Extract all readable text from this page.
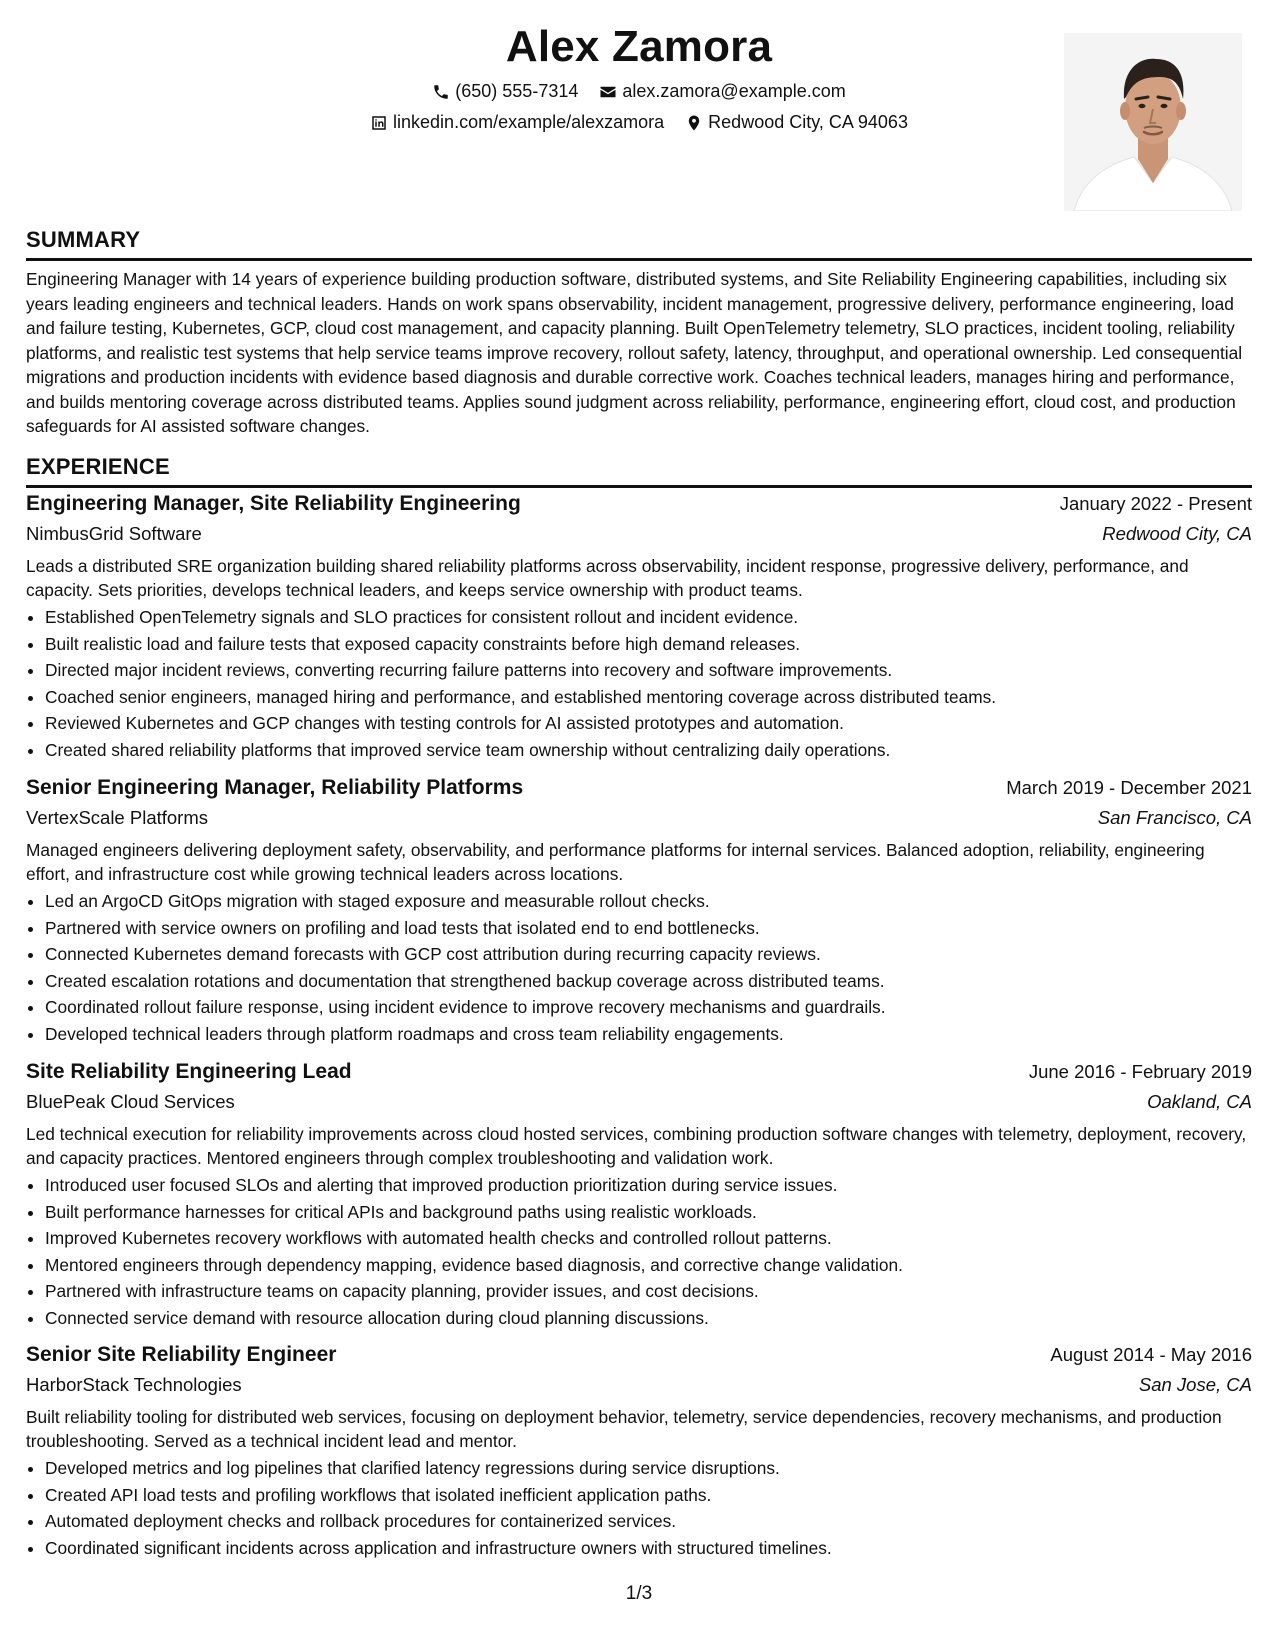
Alex Zamora
(650) 555-7314
alex.zamora@example.com
linkedin.com/example/alexzamora
Redwood City, CA 94063
SUMMARY

Engineering Manager with 14 years of experience building production software, distributed systems, and Site Reliability Engineering capabilities, including six years leading engineers and technical leaders. Hands on work spans observability, incident management, progressive delivery, performance engineering, load and failure testing, Kubernetes, GCP, cloud cost management, and capacity planning. Built OpenTelemetry telemetry, SLO practices, incident tooling, reliability platforms, and realistic test systems that help service teams improve recovery, rollout safety, latency, throughput, and operational ownership. Led consequential migrations and production incidents with evidence based diagnosis and durable corrective work. Coaches technical leaders, manages hiring and performance, and builds mentoring coverage across distributed teams. Applies sound judgment across reliability, performance, engineering effort, cloud cost, and production safeguards for AI assisted software changes.

EXPERIENCE
Engineering Manager, Site Reliability Engineering	January 2022 - Present
NimbusGrid Software	Redwood City, CA

Leads a distributed SRE organization building shared reliability platforms across observability, incident response, progressive delivery, performance, and capacity. Sets priorities, develops technical leaders, and keeps service ownership with product teams.

• Established OpenTelemetry signals and SLO practices for consistent rollout and incident evidence.
• Built realistic load and failure tests that exposed capacity constraints before high demand releases.
• Directed major incident reviews, converting recurring failure patterns into recovery and software improvements.
• Coached senior engineers, managed hiring and performance, and established mentoring coverage across distributed teams.
• Reviewed Kubernetes and GCP changes with testing controls for AI assisted prototypes and automation.
• Created shared reliability platforms that improved service team ownership without centralizing daily operations.
Senior Engineering Manager, Reliability Platforms	March 2019 - December 2021
VertexScale Platforms	San Francisco, CA

Managed engineers delivering deployment safety, observability, and performance platforms for internal services. Balanced adoption, reliability, engineering effort, and infrastructure cost while growing technical leaders across locations.

• Led an ArgoCD GitOps migration with staged exposure and measurable rollout checks.
• Partnered with service owners on profiling and load tests that isolated end to end bottlenecks.
• Connected Kubernetes demand forecasts with GCP cost attribution during recurring capacity reviews.
• Created escalation rotations and documentation that strengthened backup coverage across distributed teams.
• Coordinated rollout failure response, using incident evidence to improve recovery mechanisms and guardrails.
• Developed technical leaders through platform roadmaps and cross team reliability engagements.
Site Reliability Engineering Lead	June 2016 - February 2019
BluePeak Cloud Services	Oakland, CA

Led technical execution for reliability improvements across cloud hosted services, combining production software changes with telemetry, deployment, recovery, and capacity practices. Mentored engineers through complex troubleshooting and validation work.

• Introduced user focused SLOs and alerting that improved production prioritization during service issues.
• Built performance harnesses for critical APIs and background paths using realistic workloads.
• Improved Kubernetes recovery workflows with automated health checks and controlled rollout patterns.
• Mentored engineers through dependency mapping, evidence based diagnosis, and corrective change validation.
• Partnered with infrastructure teams on capacity planning, provider issues, and cost decisions.
• Connected service demand with resource allocation during cloud planning discussions.
Senior Site Reliability Engineer	August 2014 - May 2016
HarborStack Technologies	San Jose, CA

Built reliability tooling for distributed web services, focusing on deployment behavior, telemetry, service dependencies, recovery mechanisms, and production troubleshooting. Served as a technical incident lead and mentor.

• Developed metrics and log pipelines that clarified latency regressions during service disruptions.
• Created API load tests and profiling workflows that isolated inefficient application paths.
• Automated deployment checks and rollback procedures for containerized services.
• Coordinated significant incidents across application and infrastructure owners with structured timelines.
1/3
